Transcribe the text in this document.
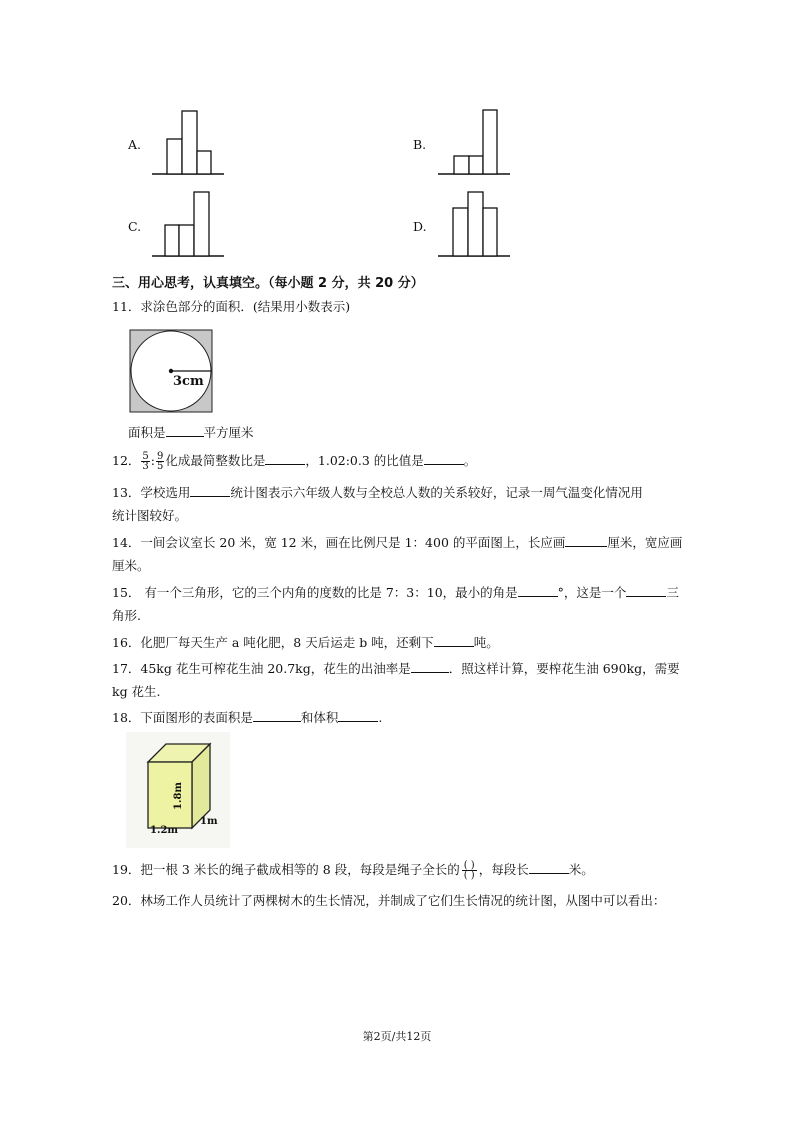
A.	B.
C.	D.
三、用心思考，认真填空。（每小题 2 分，共 20 分）
11．求涂色部分的面积．(结果用小数表示)
3cm
面积是	平方厘米
12． $\frac{5}{3}$ : $\frac{9}{5}$ 化成最简整数比是	，1.02:0.3 的比值是	。
13．学校选用	统计图表示六年级人数与全校总人数的关系较好，记录一周气温变化情况用
统计图较好。
14．一间会议室长 20 米，宽 12 米，画在比例尺是 1：400 的平面图上，长应画	厘米，宽应画
厘米。
15． 有一个三角形，它的三个内角的度数的比是 7：3：10，最小的角是	°，这是一个	三
角形.
16．化肥厂每天生产 a 吨化肥，8 天后运走 b 吨，还剩下	吨。
17．45kg 花生可榨花生油 20.7kg，花生的出油率是	．照这样计算，要榨花生油 690kg，需要
kg 花生.
18．下面图形的表面积是	和体积	.
1.8m
1.2m
1m
19．把一根 3 米长的绳子截成相等的 8 段，每段是绳子全长的 $\frac{( )}{( )}$ ，每段长	米。
20．林场工作人员统计了两棵树木的生长情况，并制成了它们生长情况的统计图，从图中可以看出：
第2页/共12页
